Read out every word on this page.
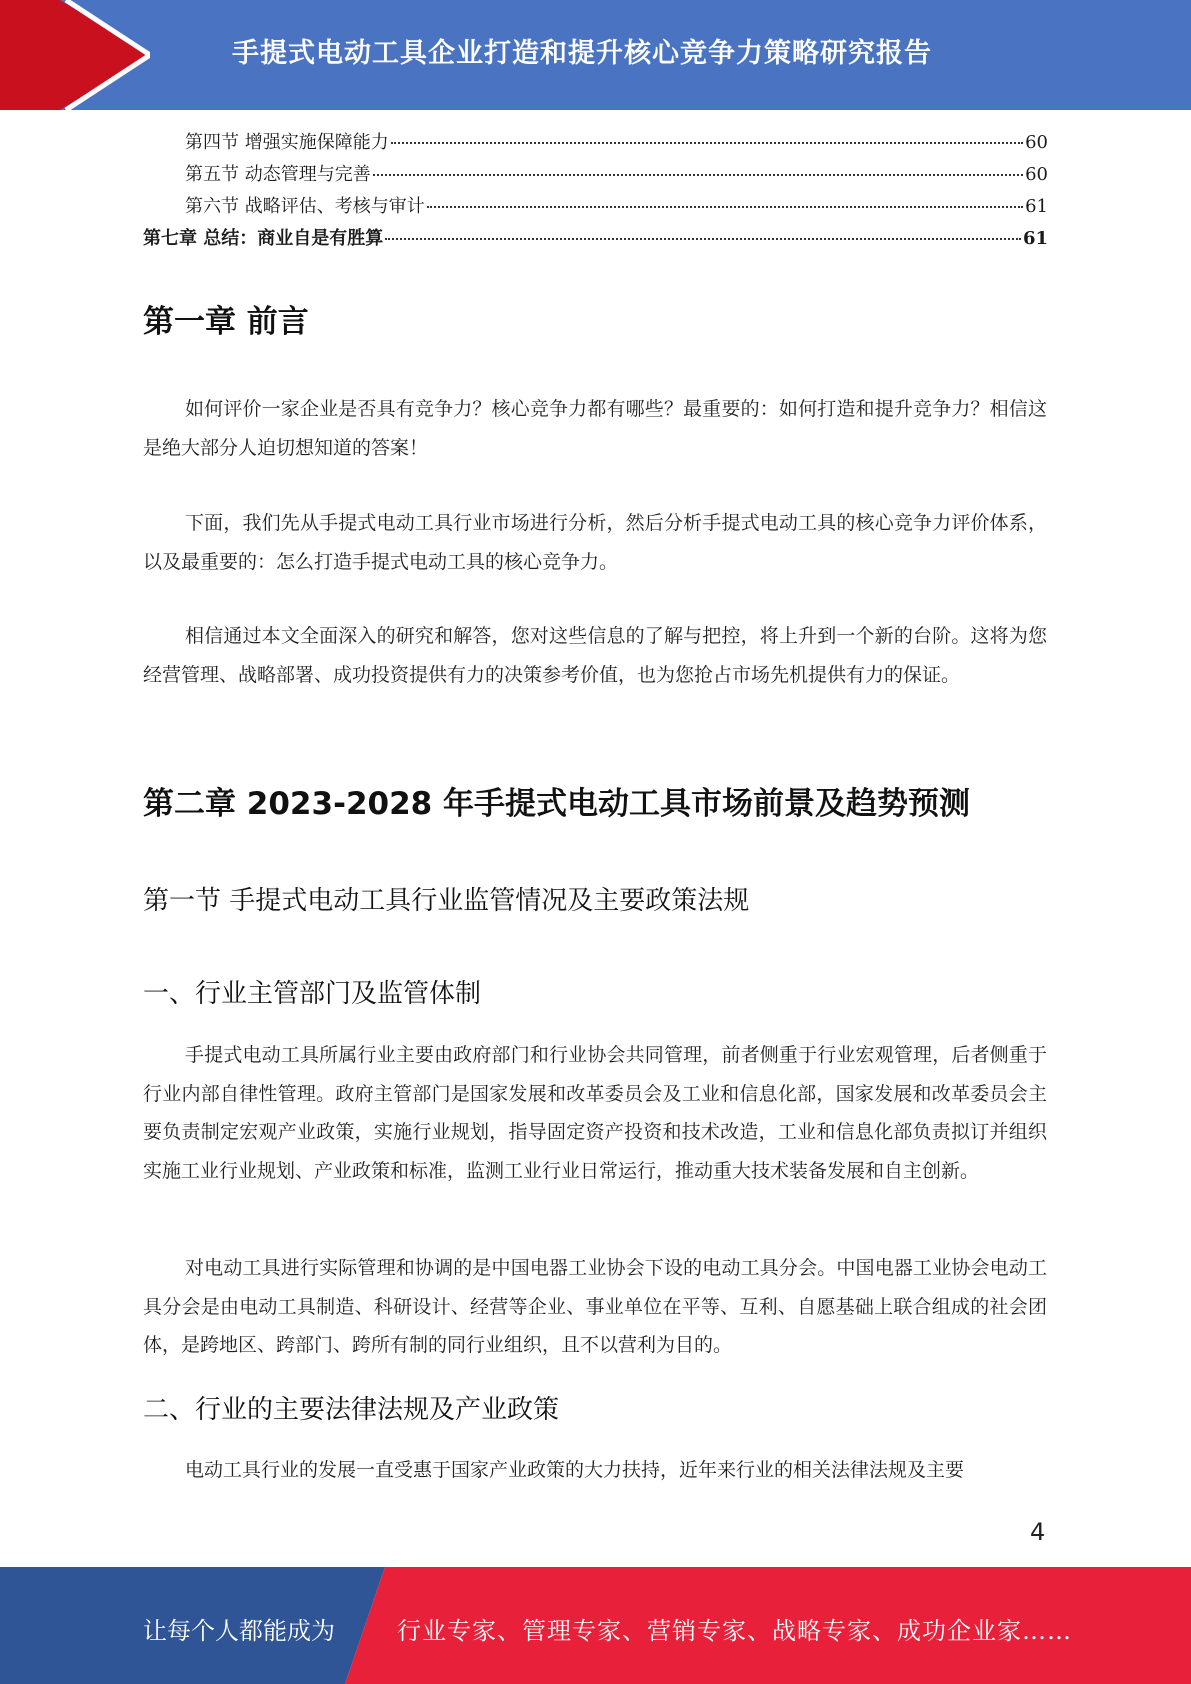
手提式电动工具企业打造和提升核心竞争力策略研究报告
第四节 增强实施保障能力	60
第五节 动态管理与完善	60
第六节 战略评估、考核与审计	61
第七章 总结：商业自是有胜算	61
第一章 前言

如何评价一家企业是否具有竞争力？核心竞争力都有哪些？最重要的：如何打造和提升竞争力？相信这是绝大部分人迫切想知道的答案！

下面，我们先从手提式电动工具行业市场进行分析，然后分析手提式电动工具的核心竞争力评价体系，以及最重要的：怎么打造手提式电动工具的核心竞争力。

相信通过本文全面深入的研究和解答，您对这些信息的了解与把控，将上升到一个新的台阶。这将为您经营管理、战略部署、成功投资提供有力的决策参考价值，也为您抢占市场先机提供有力的保证。

第二章 2023-2028 年手提式电动工具市场前景及趋势预测
第一节 手提式电动工具行业监管情况及主要政策法规
一、行业主管部门及监管体制

手提式电动工具所属行业主要由政府部门和行业协会共同管理，前者侧重于行业宏观管理，后者侧重于行业内部自律性管理。政府主管部门是国家发展和改革委员会及工业和信息化部，国家发展和改革委员会主要负责制定宏观产业政策，实施行业规划，指导固定资产投资和技术改造，工业和信息化部负责拟订并组织实施工业行业规划、产业政策和标准，监测工业行业日常运行，推动重大技术装备发展和自主创新。

对电动工具进行实际管理和协调的是中国电器工业协会下设的电动工具分会。中国电器工业协会电动工具分会是由电动工具制造、科研设计、经营等企业、事业单位在平等、互利、自愿基础上联合组成的社会团体，是跨地区、跨部门、跨所有制的同行业组织，且不以营利为目的。

二、行业的主要法律法规及产业政策

电动工具行业的发展一直受惠于国家产业政策的大力扶持，近年来行业的相关法律法规及主要

4
让每个人都能成为	行业专家、管理专家、营销专家、战略专家、成功企业家……
